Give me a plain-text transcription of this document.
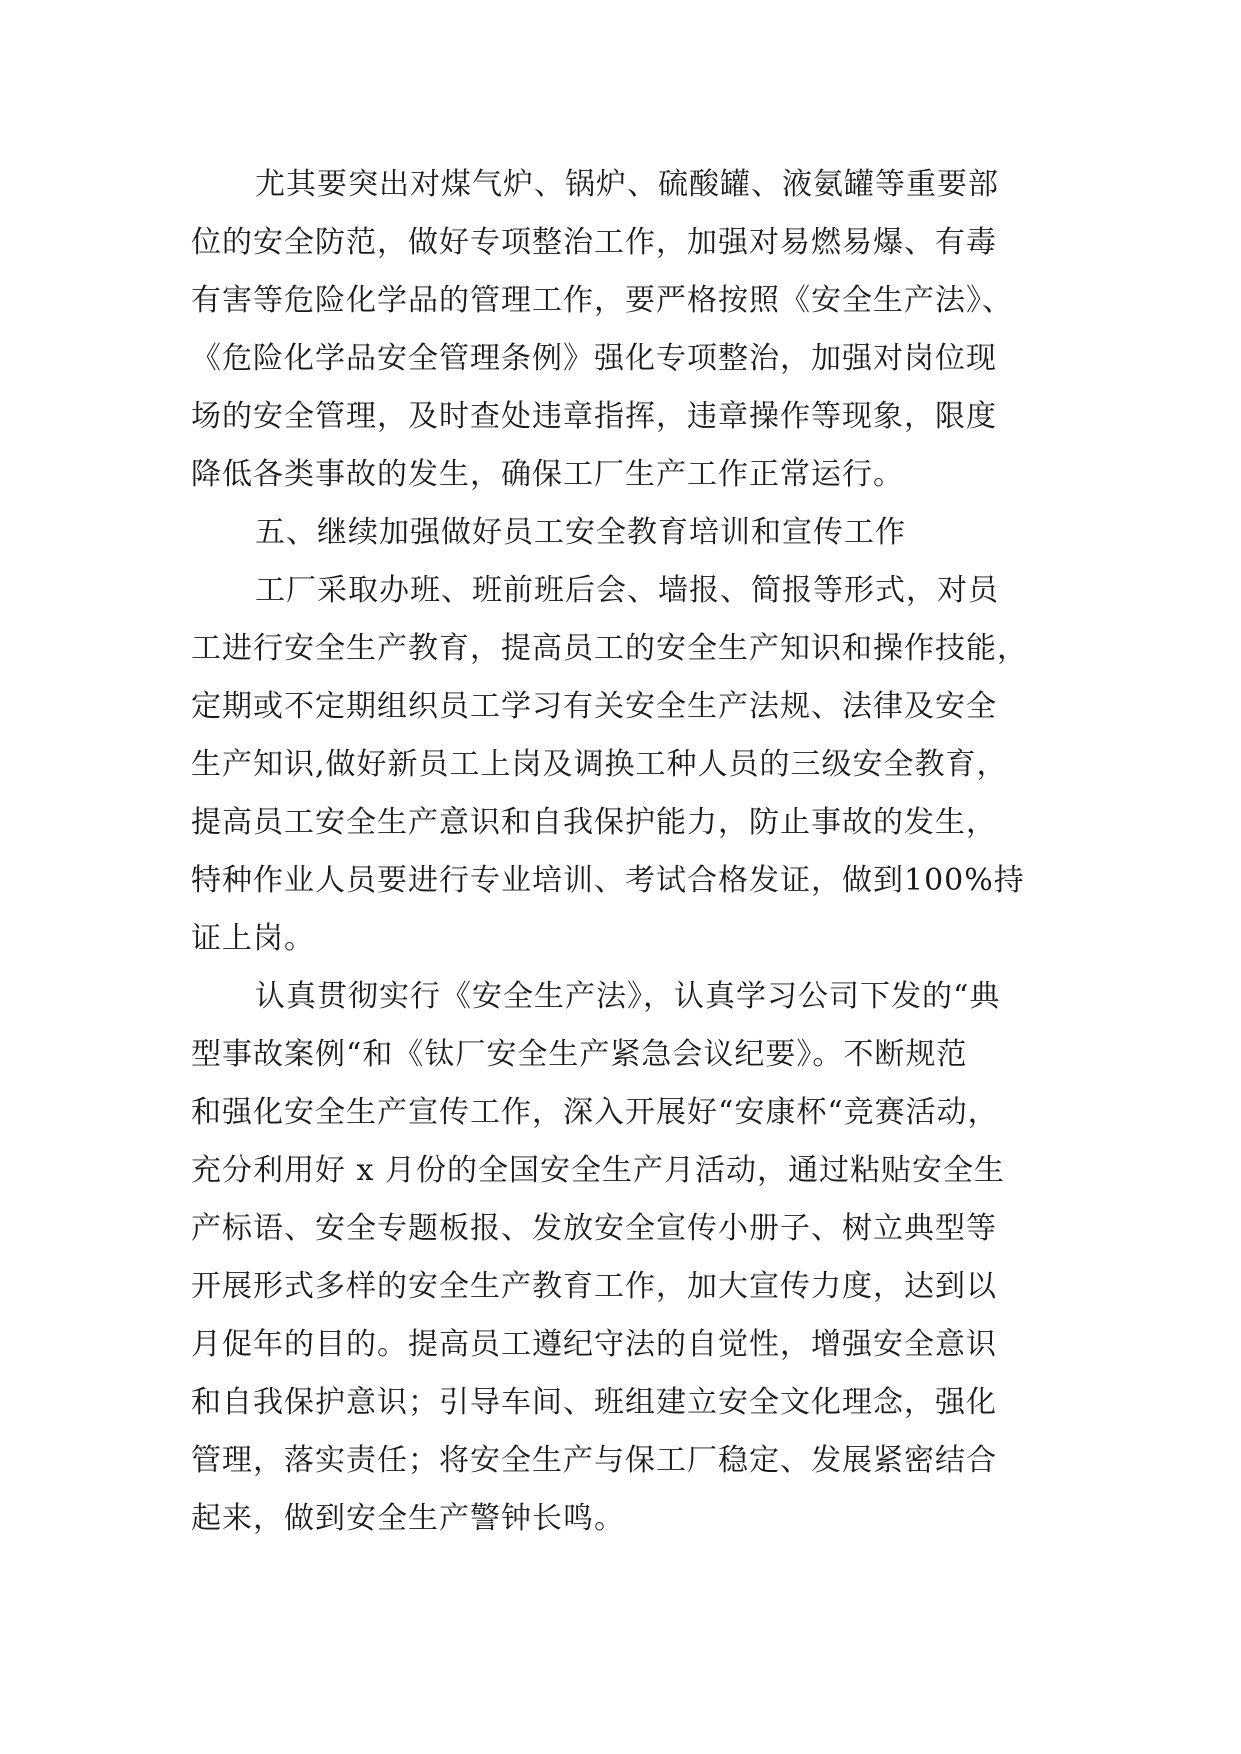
尤其要突出对煤气炉、锅炉、硫酸罐、液氨罐等重要部
位的安全防范，做好专项整治工作，加强对易燃易爆、有毒
有害等危险化学品的管理工作，要严格按照《安全生产法》、
《危险化学品安全管理条例》强化专项整治，加强对岗位现
场的安全管理，及时查处违章指挥，违章操作等现象，限度
降低各类事故的发生，确保工厂生产工作正常运行。
五、继续加强做好员工安全教育培训和宣传工作
工厂采取办班、班前班后会、墙报、简报等形式，对员
工进行安全生产教育，提高员工的安全生产知识和操作技能，
定期或不定期组织员工学习有关安全生产法规、法律及安全
生产知识,做好新员工上岗及调换工种人员的三级安全教育，
提高员工安全生产意识和自我保护能力，防止事故的发生，
特种作业人员要进行专业培训、考试合格发证，做到100%持
证上岗。
认真贯彻实行《安全生产法》，认真学习公司下发的“典
型事故案例“和《钛厂安全生产紧急会议纪要》。不断规范
和强化安全生产宣传工作，深入开展好“安康杯“竞赛活动，
充分利用好 x 月份的全国安全生产月活动，通过粘贴安全生
产标语、安全专题板报、发放安全宣传小册子、树立典型等
开展形式多样的安全生产教育工作，加大宣传力度，达到以
月促年的目的。提高员工遵纪守法的自觉性，增强安全意识
和自我保护意识；引导车间、班组建立安全文化理念，强化
管理，落实责任；将安全生产与保工厂稳定、发展紧密结合
起来，做到安全生产警钟长鸣。
